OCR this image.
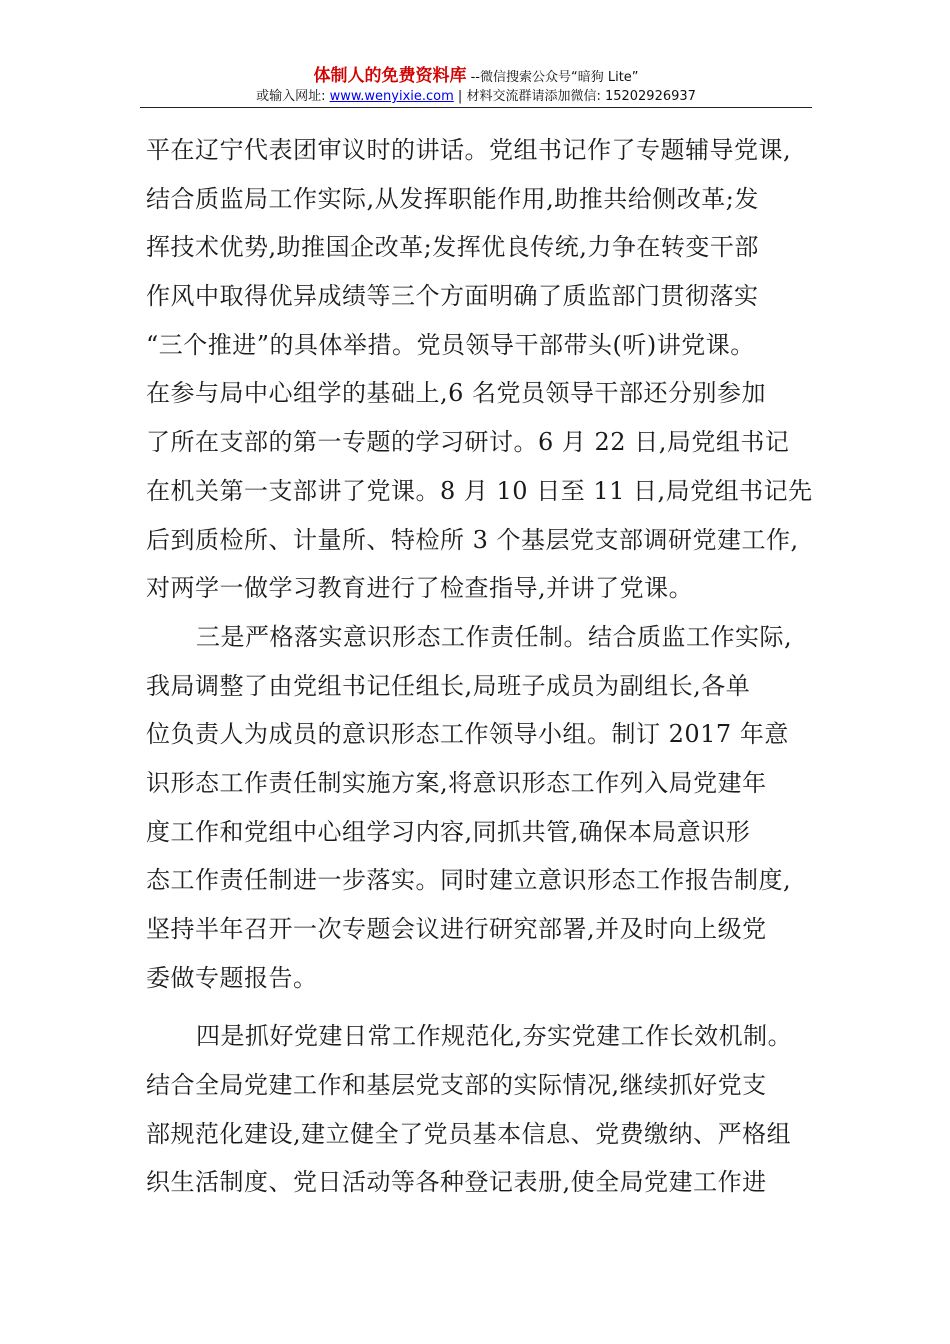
体制人的免费资料库 --微信搜索公众号“暗狗 Lite”
或输入网址: www.wenyixie.com | 材料交流群请添加微信: 15202926937
平在辽宁代表团审议时的讲话。党组书记作了专题辅导党课,
结合质监局工作实际,从发挥职能作用,助推共给侧改革;发
挥技术优势,助推国企改革;发挥优良传统,力争在转变干部
作风中取得优异成绩等三个方面明确了质监部门贯彻落实
“三个推进”的具体举措。党员领导干部带头(听)讲党课。
在参与局中心组学的基础上,6 名党员领导干部还分别参加
了所在支部的第一专题的学习研讨。6 月 22 日,局党组书记
在机关第一支部讲了党课。8 月 10 日至 11 日,局党组书记先
后到质检所、计量所、特检所 3 个基层党支部调研党建工作,
对两学一做学习教育进行了检查指导,并讲了党课。
三是严格落实意识形态工作责任制。结合质监工作实际,
我局调整了由党组书记任组长,局班子成员为副组长,各单
位负责人为成员的意识形态工作领导小组。制订 2017 年意
识形态工作责任制实施方案,将意识形态工作列入局党建年
度工作和党组中心组学习内容,同抓共管,确保本局意识形
态工作责任制进一步落实。同时建立意识形态工作报告制度,
坚持半年召开一次专题会议进行研究部署,并及时向上级党
委做专题报告。
四是抓好党建日常工作规范化,夯实党建工作长效机制。
结合全局党建工作和基层党支部的实际情况,继续抓好党支
部规范化建设,建立健全了党员基本信息、党费缴纳、严格组
织生活制度、党日活动等各种登记表册,使全局党建工作进
